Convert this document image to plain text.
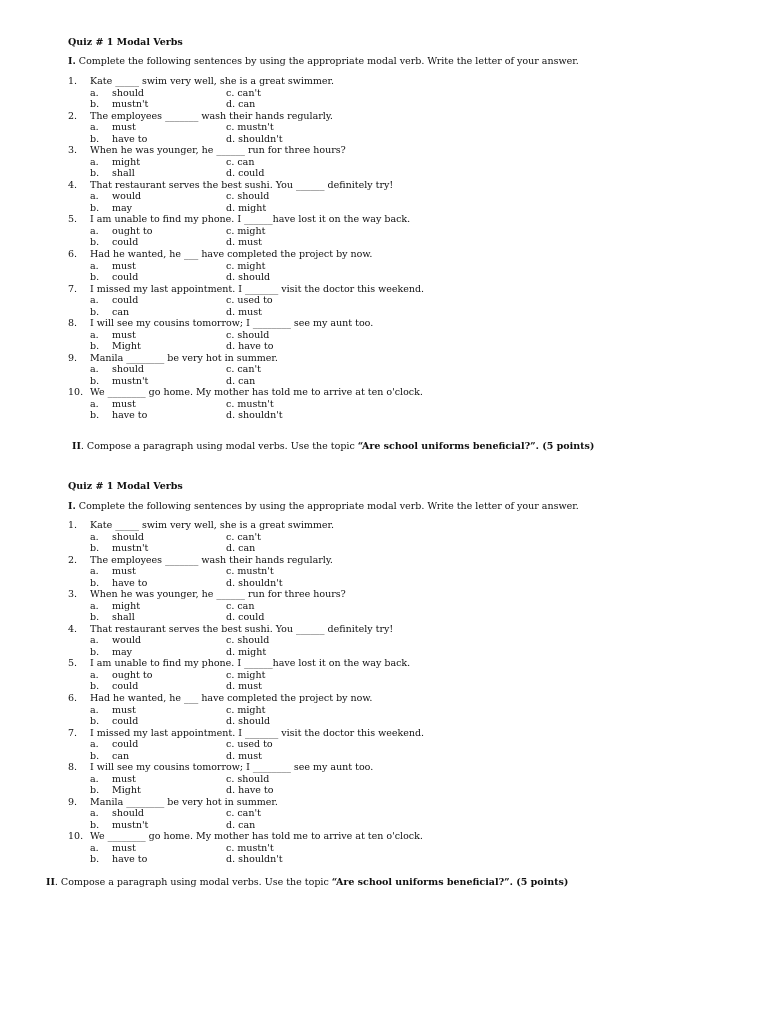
Quiz # 1 Modal Verbs
I. Complete the following sentences by using the appropriate modal verb. Write the letter of your answer.
1. Kate _____ swim very well, she is a great swimmer.
a. should	c. can't
b. mustn't	d. can
2. The employees _______ wash their hands regularly.
a. must	c. mustn't
b. have to	d. shouldn't
3. When he was younger, he ______ run for three hours?
a. might	c. can
b. shall	d. could
4. That restaurant serves the best sushi. You ______ definitely try!
a. would	c. should
b. may	d. might
5. I am unable to find my phone. I ______have lost it on the way back.
a. ought to	c. might
b. could	d. must
6. Had he wanted, he ___ have completed the project by now.
a. must	c. might
b. could	d. should
7. I missed my last appointment. I _______ visit the doctor this weekend.
a. could	c. used to
b. can	d. must
8. I will see my cousins tomorrow; I ________ see my aunt too.
a. must	c. should
b. Might	d. have to
9. Manila ________ be very hot in summer.
a. should	c. can't
b. mustn't	d. can
10. We ________ go home. My mother has told me to arrive at ten o'clock.
a. must	c. mustn't
b. have to	d. shouldn't
II. Compose a paragraph using modal verbs. Use the topic “Are school uniforms beneficial?”. (5 points)
Quiz # 1 Modal Verbs
I. Complete the following sentences by using the appropriate modal verb. Write the letter of your answer.
1. Kate _____ swim very well, she is a great swimmer.
a. should	c. can't
b. mustn't	d. can
2. The employees _______ wash their hands regularly.
a. must	c. mustn't
b. have to	d. shouldn't
3. When he was younger, he ______ run for three hours?
a. might	c. can
b. shall	d. could
4. That restaurant serves the best sushi. You ______ definitely try!
a. would	c. should
b. may	d. might
5. I am unable to find my phone. I ______have lost it on the way back.
a. ought to	c. might
b. could	d. must
6. Had he wanted, he ___ have completed the project by now.
a. must	c. might
b. could	d. should
7. I missed my last appointment. I _______ visit the doctor this weekend.
a. could	c. used to
b. can	d. must
8. I will see my cousins tomorrow; I ________ see my aunt too.
a. must	c. should
b. Might	d. have to
9. Manila ________ be very hot in summer.
a. should	c. can't
b. mustn't	d. can
10. We ________ go home. My mother has told me to arrive at ten o'clock.
a. must	c. mustn't
b. have to	d. shouldn't
II. Compose a paragraph using modal verbs. Use the topic “Are school uniforms beneficial?”. (5 points)
